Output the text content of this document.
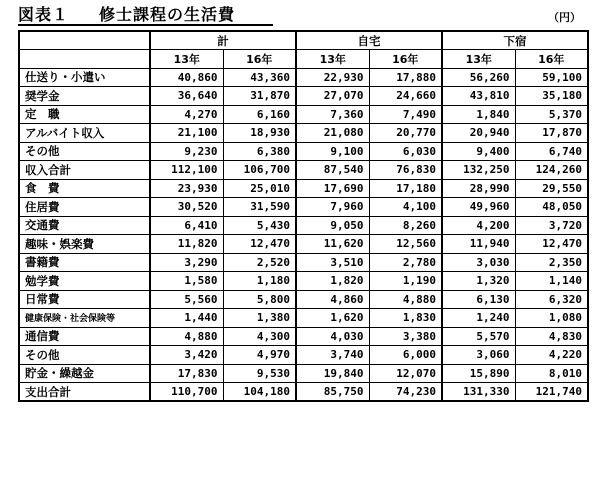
図表１ 修士課程の生活費	（円）
	計		自宅		下宿	
	13年	16年	13年	16年	13年	16年
仕送り・小遣い	40,860	43,360	22,930	17,880	56,260	59,100
奨学金	36,640	31,870	27,070	24,660	43,810	35,180
定　職	4,270	6,160	7,360	7,490	1,840	5,370
アルバイト収入	21,100	18,930	21,080	20,770	20,940	17,870
その他	9,230	6,380	9,100	6,030	9,400	6,740
収入合計	112,100	106,700	87,540	76,830	132,250	124,260
食　費	23,930	25,010	17,690	17,180	28,990	29,550
住居費	30,520	31,590	7,960	4,100	49,960	48,050
交通費	6,410	5,430	9,050	8,260	4,200	3,720
趣味・娯楽費	11,820	12,470	11,620	12,560	11,940	12,470
書籍費	3,290	2,520	3,510	2,780	3,030	2,350
勉学費	1,580	1,180	1,820	1,190	1,320	1,140
日常費	5,560	5,800	4,860	4,880	6,130	6,320
健康保険・社会保険等	1,440	1,380	1,620	1,830	1,240	1,080
通信費	4,880	4,300	4,030	3,380	5,570	4,830
その他	3,420	4,970	3,740	6,000	3,060	4,220
貯金・繰越金	17,830	9,530	19,840	12,070	15,890	8,010
支出合計	110,700	104,180	85,750	74,230	131,330	121,740
